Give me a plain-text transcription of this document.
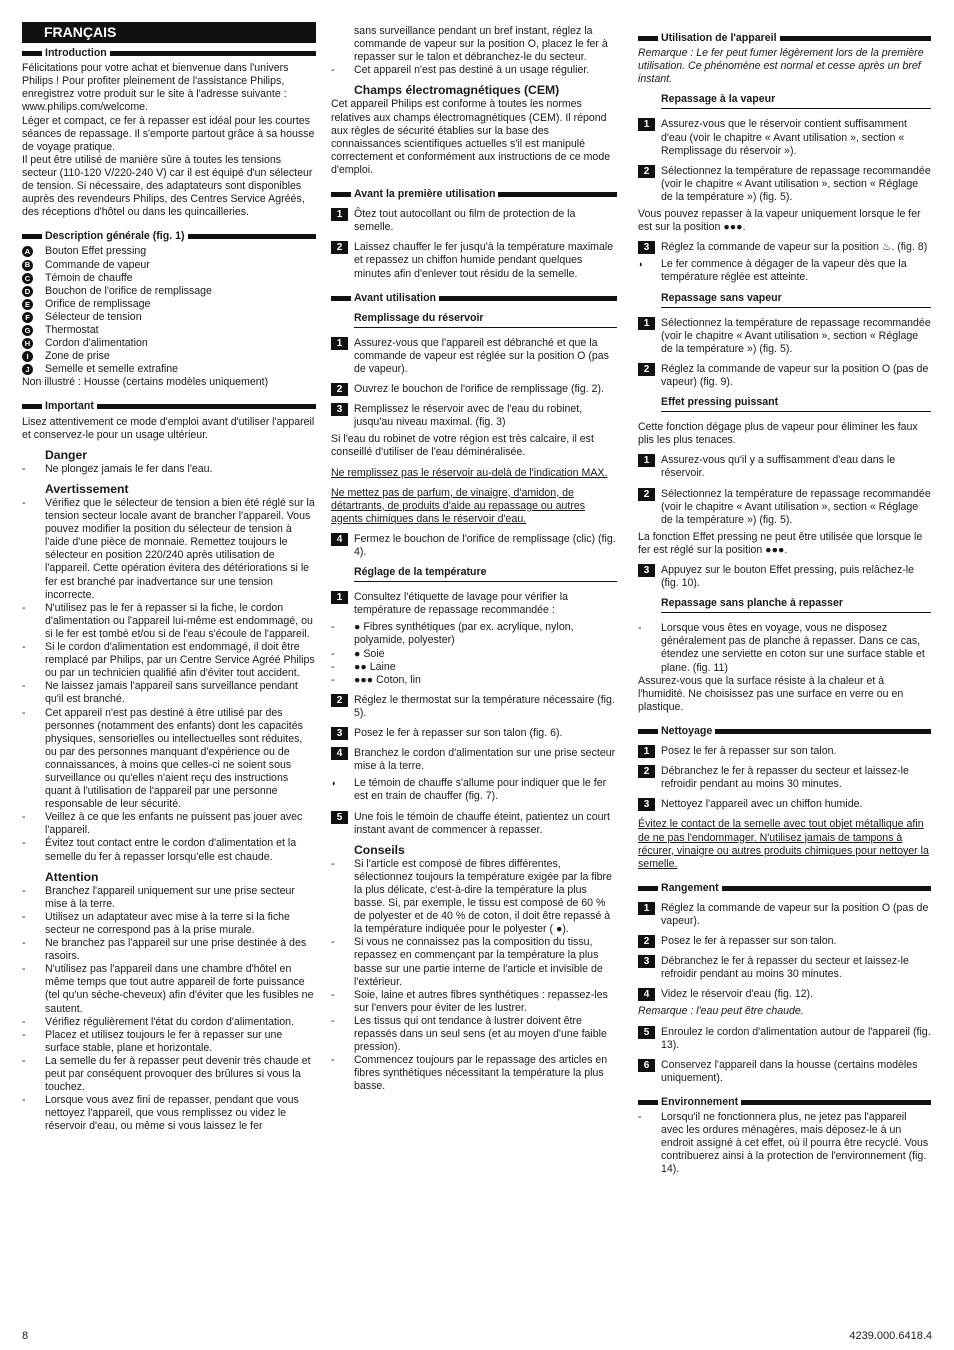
FRANÇAIS
Introduction

Félicitations pour votre achat et bienvenue dans l'univers Philips ! Pour profiter pleinement de l'assistance Philips, enregistrez votre produit sur le site à l'adresse suivante : www.philips.com/welcome.

Léger et compact, ce fer à repasser est idéal pour les courtes séances de repassage. Il s'emporte partout grâce à sa housse de voyage pratique.

Il peut être utilisé de manière sûre à toutes les tensions secteur (110-120 V/220-240 V) car il est équipé d'un sélecteur de tension. Si nécessaire, des adaptateurs sont disponibles auprès des revendeurs Philips, des Centres Service Agréés, des réceptions d'hôtel ou dans les quincailleries.

Description générale (fig. 1)
A Bouton Effet pressing
B Commande de vapeur
C Témoin de chauffe
D Bouchon de l'orifice de remplissage
E Orifice de remplissage
F	Sélecteur de tension
G Thermostat
H Cordon d'alimentation
I	Zone de prise
J	Semelle et semelle extrafine

Non illustré : Housse (certains modèles uniquement)

Important

Lisez attentivement ce mode d'emploi avant d'utiliser l'appareil et conservez-le pour un usage ultérieur.

Danger

- Ne plongez jamais le fer dans l'eau.

Avertissement

- Vérifiez que le sélecteur de tension a bien été réglé sur la tension secteur locale avant de brancher l'appareil. Vous pouvez modifier la position du sélecteur de tension à l'aide d'une pièce de monnaie. Remettez toujours le sélecteur en position 220/240 après utilisation de l'appareil. Cette opération évitera des détériorations si le fer est branché par inadvertance sur une tension incorrecte.

- N'utilisez pas le fer à repasser si la fiche, le cordon d'alimentation ou l'appareil lui-même est endommagé, ou si le fer est tombé et/ou si de l'eau s'écoule de l'appareil.

- Si le cordon d'alimentation est endommagé, il doit être remplacé par Philips, par un Centre Service Agréé Philips ou par un technicien qualifié afin d'éviter tout accident.

- Ne laissez jamais l'appareil sans surveillance pendant qu'il est branché.

- Cet appareil n'est pas destiné à être utilisé par des personnes (notamment des enfants) dont les capacités physiques, sensorielles ou intellectuelles sont réduites, ou par des personnes manquant d'expérience ou de connaissances, à moins que celles-ci ne soient sous surveillance ou qu'elles n'aient reçu des instructions quant à l'utilisation de l'appareil par une personne responsable de leur sécurité.

- Veillez à ce que les enfants ne puissent pas jouer avec l'appareil.

- Évitez tout contact entre le cordon d'alimentation et la semelle du fer à repasser lorsqu'elle est chaude.

Attention

- Branchez l'appareil uniquement sur une prise secteur mise à la terre.

- Utilisez un adaptateur avec mise à la terre si la fiche secteur ne correspond pas à la prise murale.

- Ne branchez pas l'appareil sur une prise destinée à des rasoirs.

- N'utilisez pas l'appareil dans une chambre d'hôtel en même temps que tout autre appareil de forte puissance (tel qu'un sèche-cheveux) afin d'éviter que les fusibles ne sautent.

- Vérifiez régulièrement l'état du cordon d'alimentation.

- Placez et utilisez toujours le fer à repasser sur une surface stable, plane et horizontale.

- La semelle du fer à repasser peut devenir très chaude et peut par conséquent provoquer des brûlures si vous la touchez.

- Lorsque vous avez fini de repasser, pendant que vous nettoyez l'appareil, que vous remplissez ou videz le réservoir d'eau, ou même si vous laissez le fer

sans surveillance pendant un bref instant, réglez la commande de vapeur sur la position O, placez le fer à repasser sur le talon et débranchez-le du secteur.

- Cet appareil n'est pas destiné à un usage régulier.

Champs électromagnétiques (CEM)

Cet appareil Philips est conforme à toutes les normes relatives aux champs électromagnétiques (CEM). Il répond aux règles de sécurité établies sur la base des connaissances scientifiques actuelles s'il est manipulé correctement et conformément aux instructions de ce mode d'emploi.

Avant la première utilisation
1	Ôtez tout autocollant ou film de protection de la semelle.
2	Laissez chauffer le fer jusqu'à la température maximale et repassez un chiffon humide pendant quelques minutes afin d'enlever tout résidu de la semelle.
Avant utilisation
Remplissage du réservoir
1	Assurez-vous que l'appareil est débranché et que la commande de vapeur est réglée sur la position O (pas de vapeur).
2	Ouvrez le bouchon de l'orifice de remplissage (fig. 2).
3	Remplissez le réservoir avec de l'eau du robinet, jusqu'au niveau maximal. (fig. 3)

Si l'eau du robinet de votre région est très calcaire, il est conseillé d'utiliser de l'eau déminéralisée.

Ne remplissez pas le réservoir au-delà de l'indication MAX.

Ne mettez pas de parfum, de vinaigre, d'amidon, de détartrants, de produits d'aide au repassage ou autres agents chimiques dans le réservoir d'eau.

4	Fermez le bouchon de l'orifice de remplissage (clic) (fig. 4).
Réglage de la température
1	Consultez l'étiquette de lavage pour vérifier la température de repassage recommandée :

- ● Fibres synthétiques (par ex. acrylique, nylon, polyamide, polyester)

- ● Soie

- ●● Laine

- ●●● Coton, lin

2	Réglez le thermostat sur la température nécessaire (fig. 5).
3	Posez le fer à repasser sur son talon (fig. 6).
4	Branchez le cordon d'alimentation sur une prise secteur mise à la terre.

◗ Le témoin de chauffe s'allume pour indiquer que le fer est en train de chauffer (fig. 7).

5	Une fois le témoin de chauffe éteint, patientez un court instant avant de commencer à repasser.
Conseils

- Si l'article est composé de fibres différentes, sélectionnez toujours la température exigée par la fibre la plus délicate, c'est-à-dire la température la plus basse. Si, par exemple, le tissu est composé de 60 % de polyester et de 40 % de coton, il doit être repassé à la température indiquée pour le polyester ( ●).

- Si vous ne connaissez pas la composition du tissu, repassez en commençant par la température la plus basse sur une partie interne de l'article et invisible de l'extérieur.

- Soie, laine et autres fibres synthétiques : repassez-les sur l'envers pour éviter de les lustrer.

- Les tissus qui ont tendance à lustrer doivent être repassés dans un seul sens (et au moyen d'une faible pression).

- Commencez toujours par le repassage des articles en fibres synthétiques nécessitant la température la plus basse.

Utilisation de l'appareil

Remarque : Le fer peut fumer légèrement lors de la première utilisation. Ce phénomène est normal et cesse après un bref instant.

Repassage à la vapeur
1	Assurez-vous que le réservoir contient suffisamment d'eau (voir le chapitre « Avant utilisation », section « Remplissage du réservoir »).
2	Sélectionnez la température de repassage recommandée (voir le chapitre « Avant utilisation », section « Réglage de la température ») (fig. 5).

Vous pouvez repasser à la vapeur uniquement lorsque le fer est sur la position ●●●.

3	Réglez la commande de vapeur sur la position ♨. (fig. 8)

◗ Le fer commence à dégager de la vapeur dès que la température réglée est atteinte.

Repassage sans vapeur
1	Sélectionnez la température de repassage recommandée (voir le chapitre « Avant utilisation », section « Réglage de la température ») (fig. 5).
2	Réglez la commande de vapeur sur la position O (pas de vapeur) (fig. 9).
Effet pressing puissant

Cette fonction dégage plus de vapeur pour éliminer les faux plis les plus tenaces.

1	Assurez-vous qu'il y a suffisamment d'eau dans le réservoir.
2	Sélectionnez la température de repassage recommandée (voir le chapitre « Avant utilisation », section « Réglage de la température ») (fig. 5).

La fonction Effet pressing ne peut être utilisée que lorsque le fer est réglé sur la position ●●●.

3	Appuyez sur le bouton Effet pressing, puis relâchez-le (fig. 10).
Repassage sans planche à repasser

- Lorsque vous êtes en voyage, vous ne disposez généralement pas de planche à repasser. Dans ce cas, étendez une serviette en coton sur une surface stable et plane. (fig. 11)

Assurez-vous que la surface résiste à la chaleur et à l'humidité. Ne choisissez pas une surface en verre ou en plastique.

Nettoyage
1	Posez le fer à repasser sur son talon.
2	Débranchez le fer à repasser du secteur et laissez-le refroidir pendant au moins 30 minutes.
3	Nettoyez l'appareil avec un chiffon humide.

Évitez le contact de la semelle avec tout objet métallique afin de ne pas l'endommager. N'utilisez jamais de tampons à récurer, vinaigre ou autres produits chimiques pour nettoyer la semelle.

Rangement
1	Réglez la commande de vapeur sur la position O (pas de vapeur).
2	Posez le fer à repasser sur son talon.
3	Débranchez le fer à repasser du secteur et laissez-le refroidir pendant au moins 30 minutes.
4	Videz le réservoir d'eau (fig. 12).

Remarque : l'eau peut être chaude.

5	Enroulez le cordon d'alimentation autour de l'appareil (fig. 13).
6	Conservez l'appareil dans la housse (certains modèles uniquement).
Environnement

- Lorsqu'il ne fonctionnera plus, ne jetez pas l'appareil avec les ordures ménagères, mais déposez-le à un endroit assigné à cet effet, où il pourra être recyclé. Vous contribuerez ainsi à la protection de l'environnement (fig. 14).

8	4239.000.6418.4
